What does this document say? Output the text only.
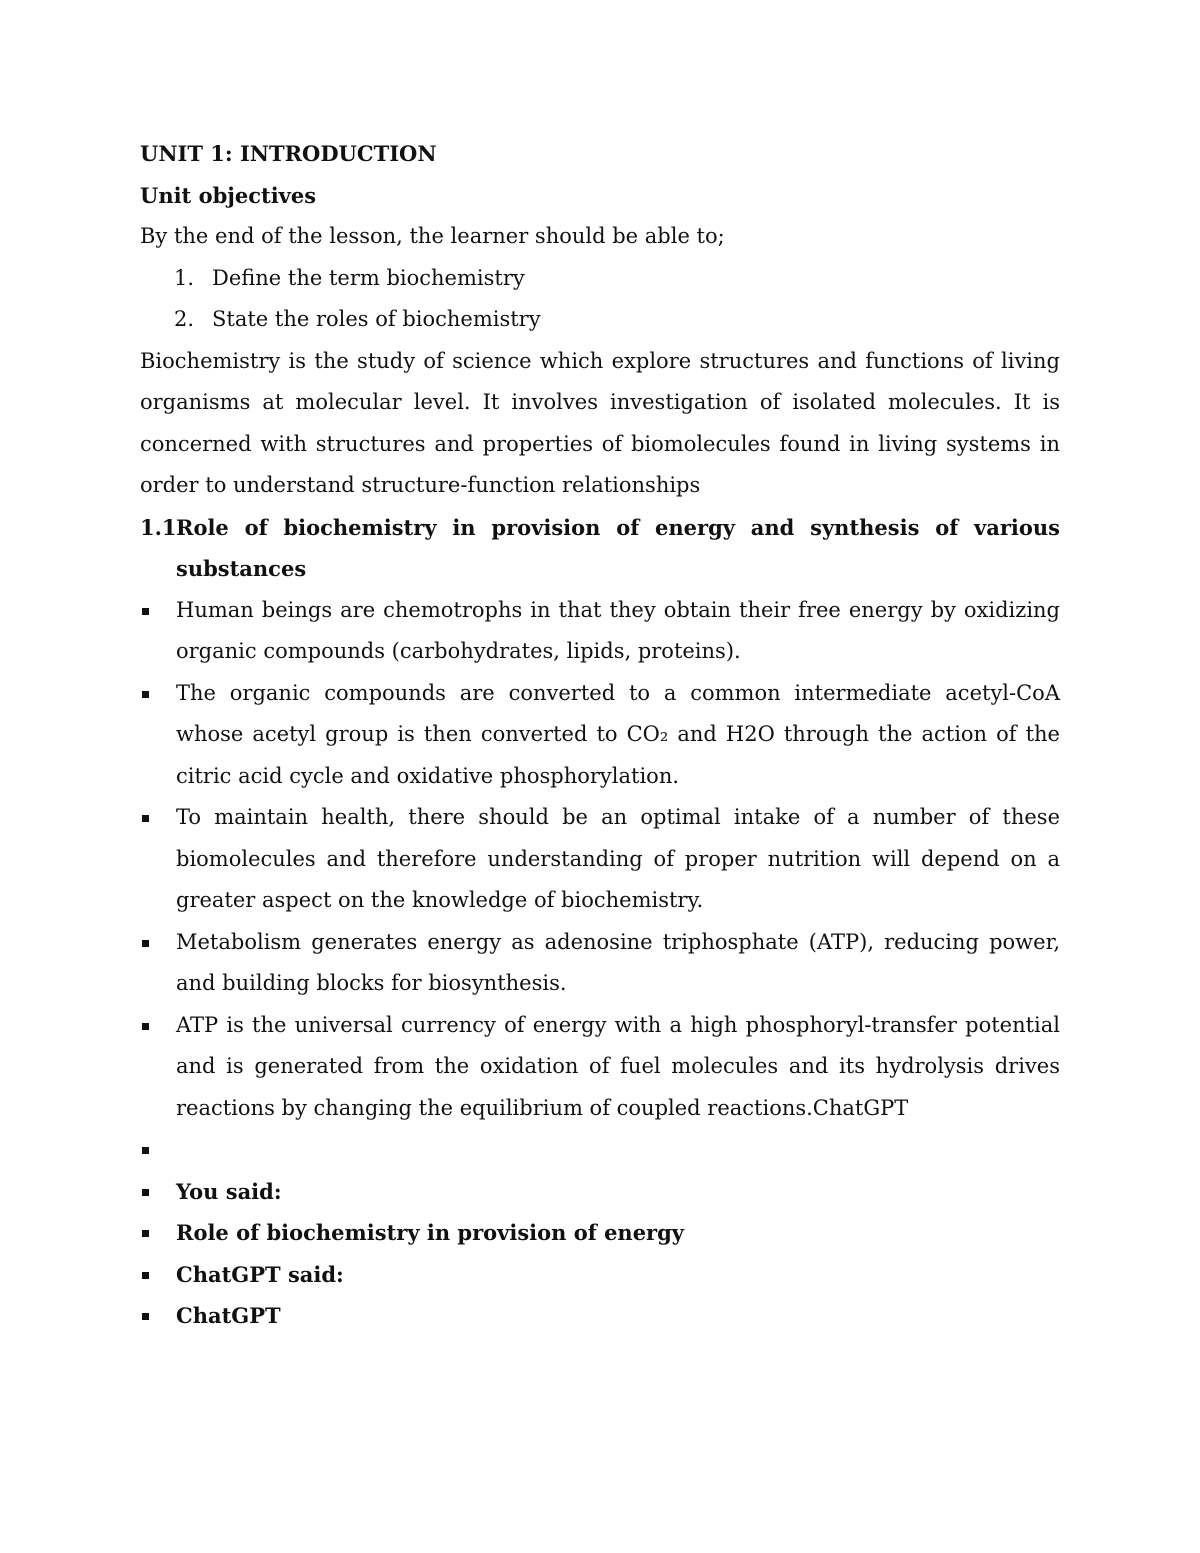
UNIT 1: INTRODUCTION

Unit objectives

By the end of the lesson, the learner should be able to;

1. Define the term biochemistry
2. State the roles of biochemistry

Biochemistry is the study of science which explore structures and functions of living organisms at molecular level. It involves investigation of isolated molecules. It is concerned with structures and properties of biomolecules found in living systems in order to understand structure-function relationships

1.1 Role of biochemistry in provision of energy and synthesis of various substances
Human beings are chemotrophs in that they obtain their free energy by oxidizing organic compounds (carbohydrates, lipids, proteins).
The organic compounds are converted to a common intermediate acetyl-CoA whose acetyl group is then converted to CO₂ and H2O through the action of the citric acid cycle and oxidative phosphorylation.
To maintain health, there should be an optimal intake of a number of these biomolecules and therefore understanding of proper nutrition will depend on a greater aspect on the knowledge of biochemistry.
Metabolism generates energy as adenosine triphosphate (ATP), reducing power, and building blocks for biosynthesis.
ATP is the universal currency of energy with a high phosphoryl-transfer potential and is generated from the oxidation of fuel molecules and its hydrolysis drives reactions by changing the equilibrium of coupled reactions.ChatGPT
You said:
Role of biochemistry in provision of energy
ChatGPT said:
ChatGPT
